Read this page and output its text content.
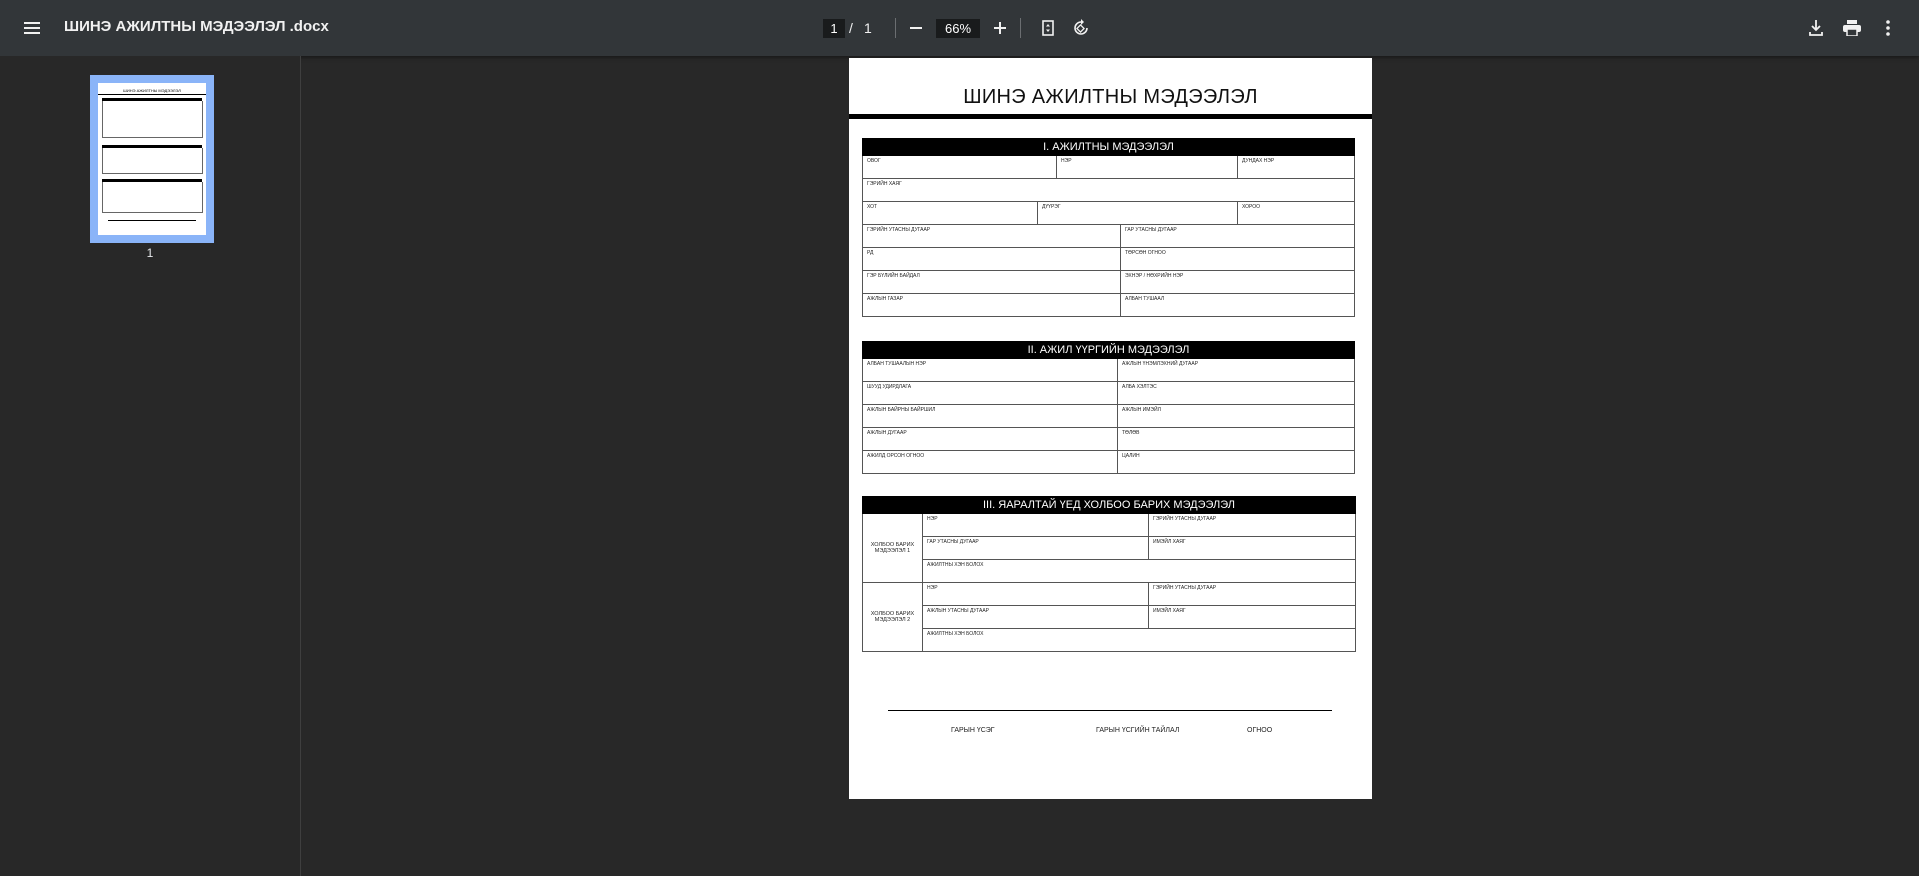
ШИНЭ АЖИЛТНЫ МЭДЭЭЛЭЛ .docx	1 / 1	66%
ШИНЭ АЖИЛТНЫ МЭДЭЭЛЭЛ
1
ШИНЭ АЖИЛТНЫ МЭДЭЭЛЭЛ
I. АЖИЛТНЫ МЭДЭЭЛЭЛ
ОВОГ	НЭР	ДУНДАХ НЭР
ГЭРИЙН ХАЯГ
ХОТ	ДҮҮРЭГ	ХОРОО
ГЭРИЙН УТАСНЫ ДУГААР	ГАР УТАСНЫ ДУГААР
РД	ТӨРСӨН ОГНОО
ГЭР БҮЛИЙН БАЙДАЛ	ЭХНЭР / НӨХРИЙН НЭР
АЖЛЫН ГАЗАР	АЛБАН ТУШААЛ
II. АЖИЛ ҮҮРГИЙН МЭДЭЭЛЭЛ
АЛБАН ТУШААЛЫН НЭР	АЖЛЫН ҮНЭМЛЭХНИЙ ДУГААР
ШУУД УДИРДЛАГА	АЛБА ХЭЛТЭС
АЖЛЫН БАЙРНЫ БАЙРШИЛ	АЖЛЫН ИМЭЙЛ
АЖЛЫН ДУГААР	ТӨЛӨВ
АЖИЛД ОРСОН ОГНОО	ЦАЛИН
III. ЯАРАЛТАЙ ҮЕД ХОЛБОО БАРИХ МЭДЭЭЛЭЛ
ХОЛБОО БАРИХ МЭДЭЭЛЭЛ 1
НЭР	ГЭРИЙН УТАСНЫ ДУГААР
ГАР УТАСНЫ ДУГААР	ИМЭЙЛ ХАЯГ
АЖИЛТНЫ ХЭН БОЛОХ
ХОЛБОО БАРИХ МЭДЭЭЛЭЛ 2
НЭР	ГЭРИЙН УТАСНЫ ДУГААР
АЖЛЫН УТАСНЫ ДУГААР	ИМЭЙЛ ХАЯГ
АЖИЛТНЫ ХЭН БОЛОХ
ГАРЫН ҮСЭГ	ГАРЫН ҮСГИЙН ТАЙЛАЛ	ОГНОО
